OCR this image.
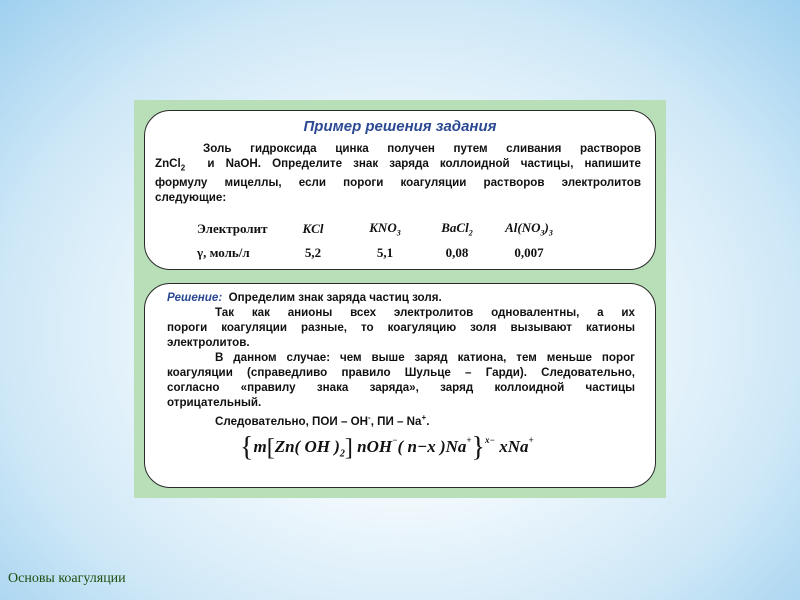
Пример решения задания
Золь гидроксида цинка получен путем сливания растворов
ZnCl$_2$ и NaOH. Определите знак заряда коллоидной частицы, напишите
формулу мицеллы, если пороги коагуляции растворов электролитов
следующие:
Электролит	KCl	$KNO_3$	BaCl$_2$	$Al(NO_3)_3$
γ, моль/л	5,2	5,1	0,08	0,007
Решение: Определим знак заряда частиц золя.
Так как анионы всех электролитов одновалентны, а их
пороги коагуляции разные, то коагуляцию золя вызывают катионы
электролитов.
В данном случае: чем выше заряд катиона, тем меньше порог
коагуляции (справедливо правило Шульце – Гарди). Следовательно,
согласно «правилу знака заряда», заряд коллоидной частицы
отрицательный.
Следовательно, ПОИ – OH-, ПИ – Na+.
{m[Zn( OH )$_2$] nOH−( n−x )Na+}$^{x-}$ xNa+
Основы коагуляции
